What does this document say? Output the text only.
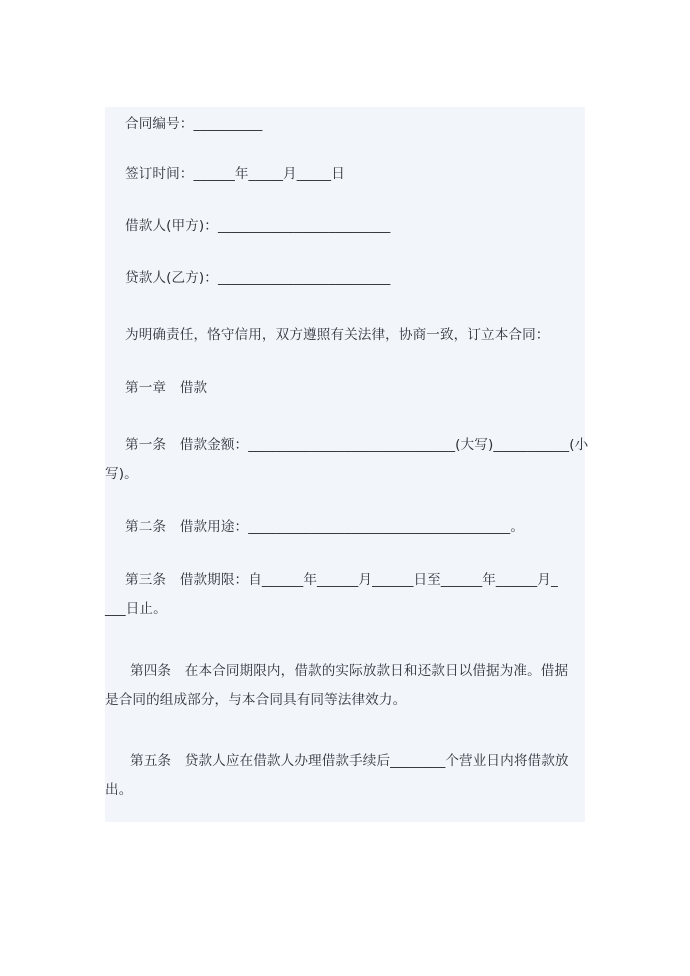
合同编号：__________
签订时间：______年_____月_____日
借款人(甲方)：_________________________
贷款人(乙方)：_________________________
为明确责任，恪守信用，双方遵照有关法律，协商一致，订立本合同：
第一章　借款
第一条　借款金额：______________________________(大写)___________(小
写)。
第二条　借款用途：______________________________________。
第三条　借款期限：自______年______月______日至______年______月_
___日止。
第四条　在本合同期限内，借款的实际放款日和还款日以借据为准。借据
是合同的组成部分，与本合同具有同等法律效力。
第五条　贷款人应在借款人办理借款手续后________个营业日内将借款放
出。
